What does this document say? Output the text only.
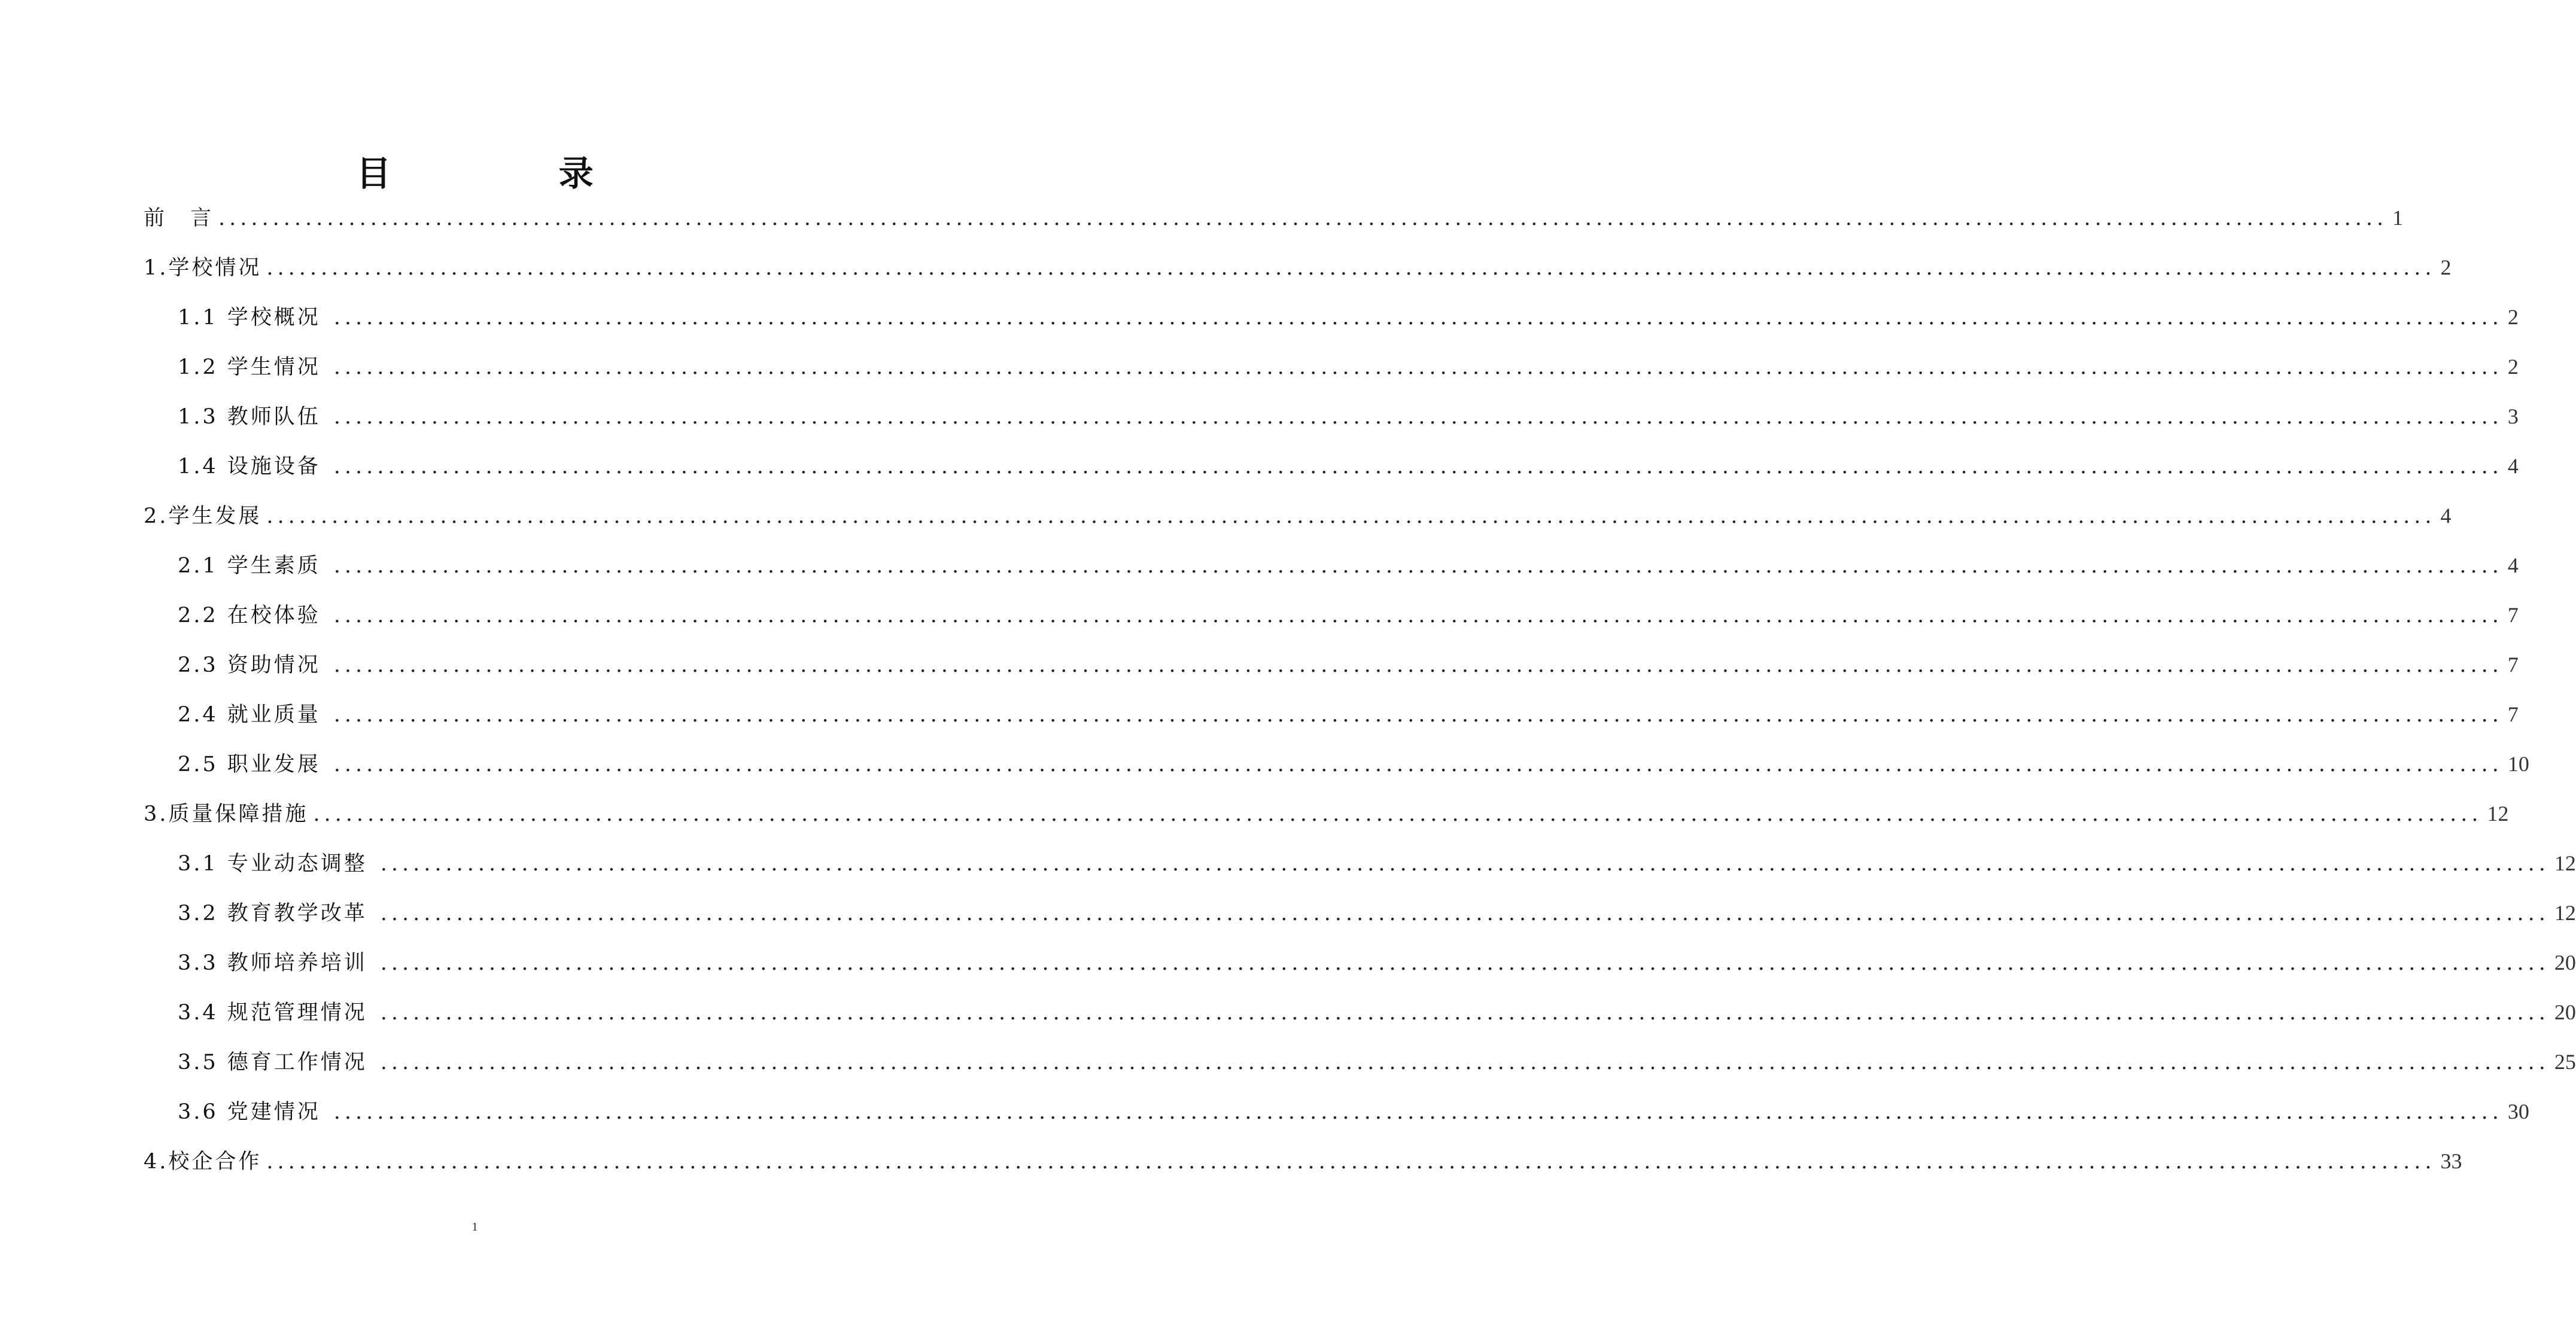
目 录
前　言 ........................................................................................................................................................................................................ 1
1.学校情况 ........................................................................................................................................................................................................ 2
1.1 学校概况 ........................................................................................................................................................................................................ 2
1.2 学生情况 ........................................................................................................................................................................................................ 2
1.3 教师队伍 ........................................................................................................................................................................................................ 3
1.4 设施设备 ........................................................................................................................................................................................................ 4
2.学生发展 ........................................................................................................................................................................................................ 4
2.1 学生素质 ........................................................................................................................................................................................................ 4
2.2 在校体验 ........................................................................................................................................................................................................ 7
2.3 资助情况 ........................................................................................................................................................................................................ 7
2.4 就业质量 ........................................................................................................................................................................................................ 7
2.5 职业发展 ........................................................................................................................................................................................................ 10
3.质量保障措施 ........................................................................................................................................................................................................ 12
3.1 专业动态调整 ........................................................................................................................................................................................................ 12
3.2 教育教学改革 ........................................................................................................................................................................................................ 12
3.3 教师培养培训 ........................................................................................................................................................................................................ 20
3.4 规范管理情况 ........................................................................................................................................................................................................ 20
3.5 德育工作情况 ........................................................................................................................................................................................................ 25
3.6 党建情况 ........................................................................................................................................................................................................ 30
4.校企合作 ........................................................................................................................................................................................................ 33
1
